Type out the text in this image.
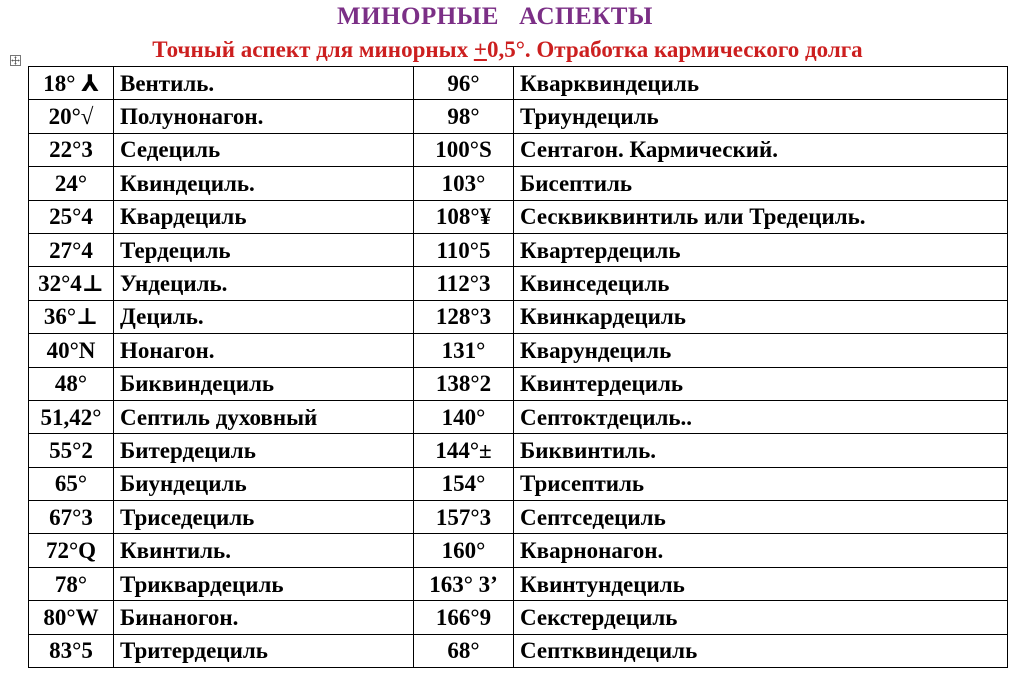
МИНОРНЫЕ   АСПЕКТЫ
Точный аспект для минорных +0,5°. Отработка кармического долга
18° ⅄	Вентиль.	96°	Кварквиндециль
20°√	Полунонагон.	98°	Триундециль
22°3	Седециль	100°S	Сентагон. Кармический.
24°	Квиндециль.	103°	Бисептиль
25°4	Квардециль	108°¥	Сесквиквинтиль или Тредециль.
27°4	Тердециль	110°5	Квартердециль
32°4⊥	Ундециль.	112°3	Квинседециль
36°⊥	Дециль.	128°3	Квинкардециль
40°N	Нонагон.	131°	Кварундециль
48°	Биквиндециль	138°2	Квинтердециль
51,42°	Септиль духовный	140°	Септоктдециль..
55°2	Битердециль	144°±	Биквинтиль.
65°	Биундециль	154°	Трисептиль
67°3	Триседециль	157°3	Септседециль
72°Q	Квинтиль.	160°	Кварнонагон.
78°	Триквардециль	163° 3’	Квинтундециль
80°W	Бинаногон.	166°9	Секстердециль
83°5	Тритердециль	68°	Септквиндециль
